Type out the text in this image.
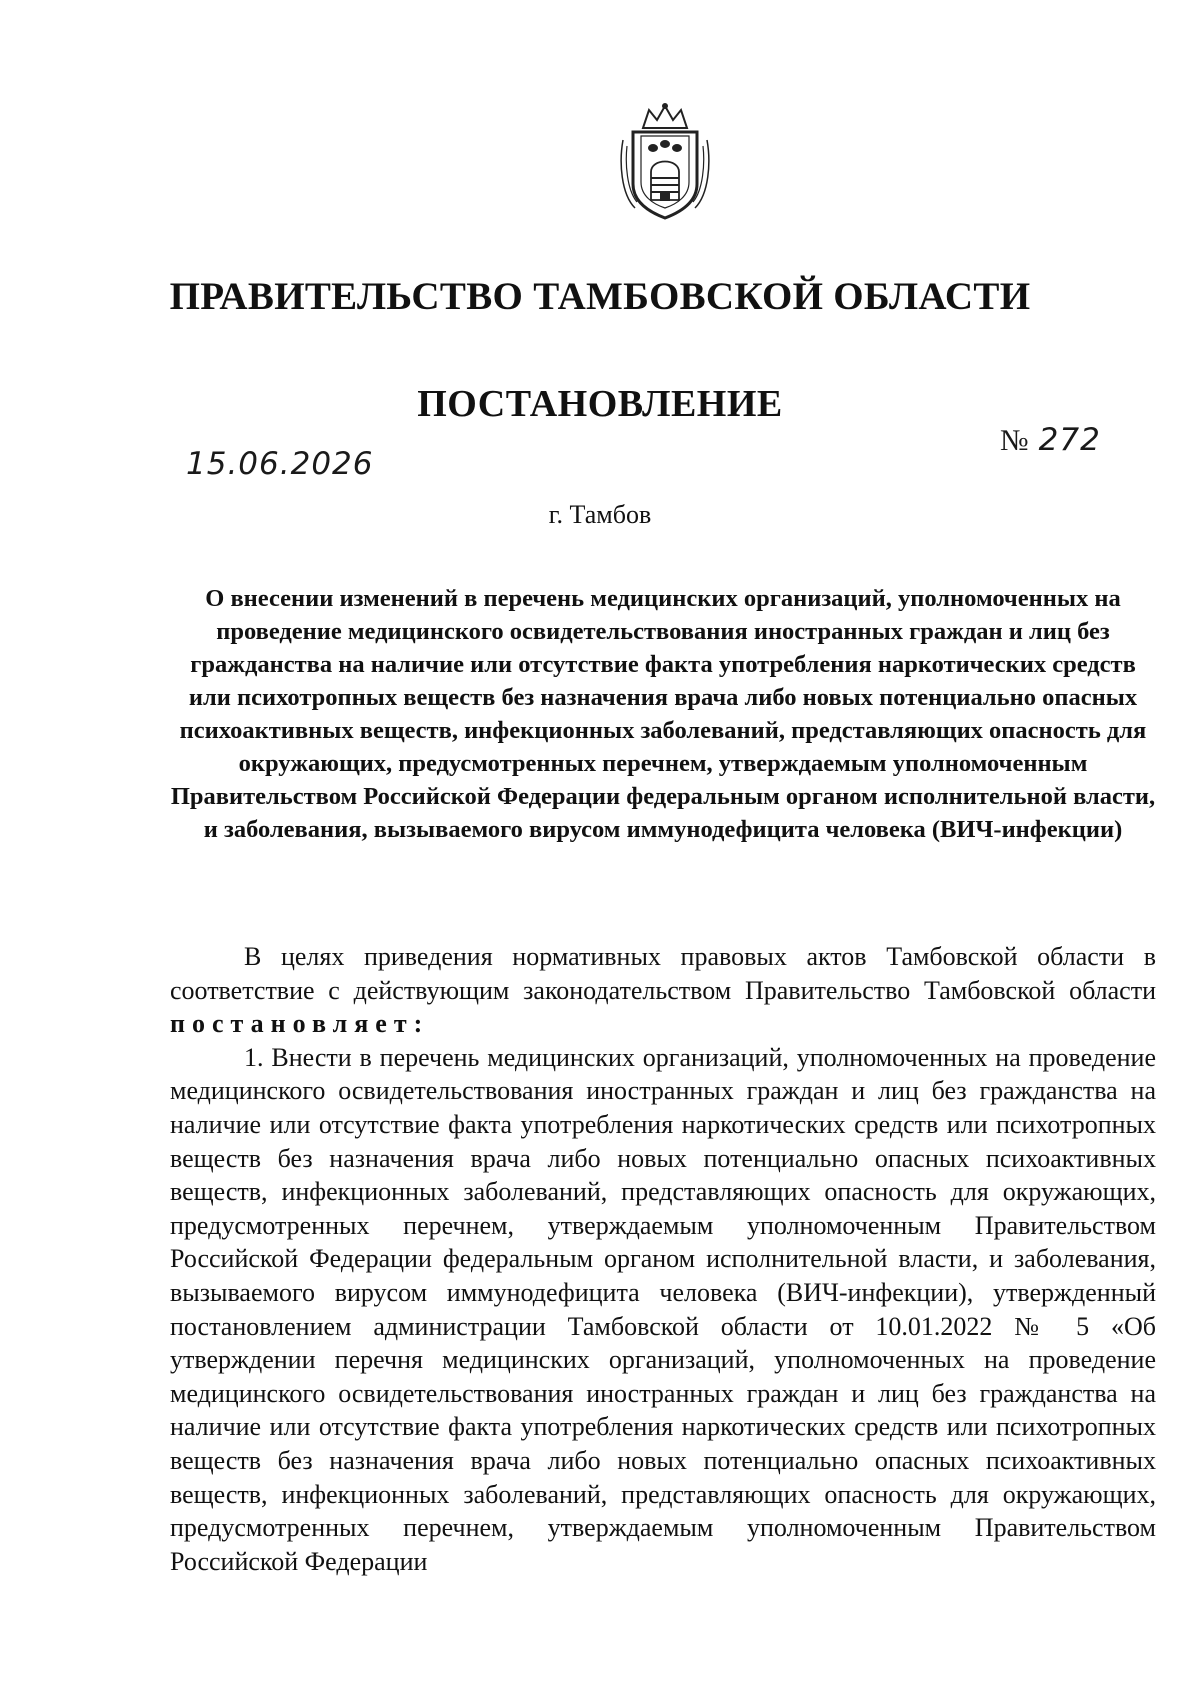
ПРАВИТЕЛЬСТВО ТАМБОВСКОЙ ОБЛАСТИ
ПОСТАНОВЛЕНИЕ
15.06.2026
№ 272
г. Тамбов

О внесении изменений в перечень медицинских организаций, уполномоченных на проведение медицинского освидетельствования иностранных граждан и лиц без гражданства на наличие или отсутствие факта употребления наркотических средств или психотропных веществ без назначения врача либо новых потенциально опасных психоактивных веществ, инфекционных заболеваний, представляющих опасность для окружающих, предусмотренных перечнем, утверждаемым уполномоченным Правительством Российской Федерации федеральным органом исполнительной власти, и заболевания, вызываемого вирусом иммунодефицита человека (ВИЧ-инфекции)

В целях приведения нормативных правовых актов Тамбовской области в соответствие с действующим законодательством Правительство Тамбовской области постановляет:

1. Внести в перечень медицинских организаций, уполномоченных на проведение медицинского освидетельствования иностранных граждан и лиц без гражданства на наличие или отсутствие факта употребления наркотических средств или психотропных веществ без назначения врача либо новых потенциально опасных психоактивных веществ, инфекционных заболеваний, представляющих опасность для окружающих, предусмотренных перечнем, утверждаемым уполномоченным Правительством Российской Федерации федеральным органом исполнительной власти, и заболевания, вызываемого вирусом иммунодефицита человека (ВИЧ-инфекции), утвержденный постановлением администрации Тамбовской области от 10.01.2022 № 5 «Об утверждении перечня медицинских организаций, уполномоченных на проведение медицинского освидетельствования иностранных граждан и лиц без гражданства на наличие или отсутствие факта употребления наркотических средств или психотропных веществ без назначения врача либо новых потенциально опасных психоактивных веществ, инфекционных заболеваний, представляющих опасность для окружающих, предусмотренных перечнем, утверждаемым уполномоченным Правительством Российской Федерации
